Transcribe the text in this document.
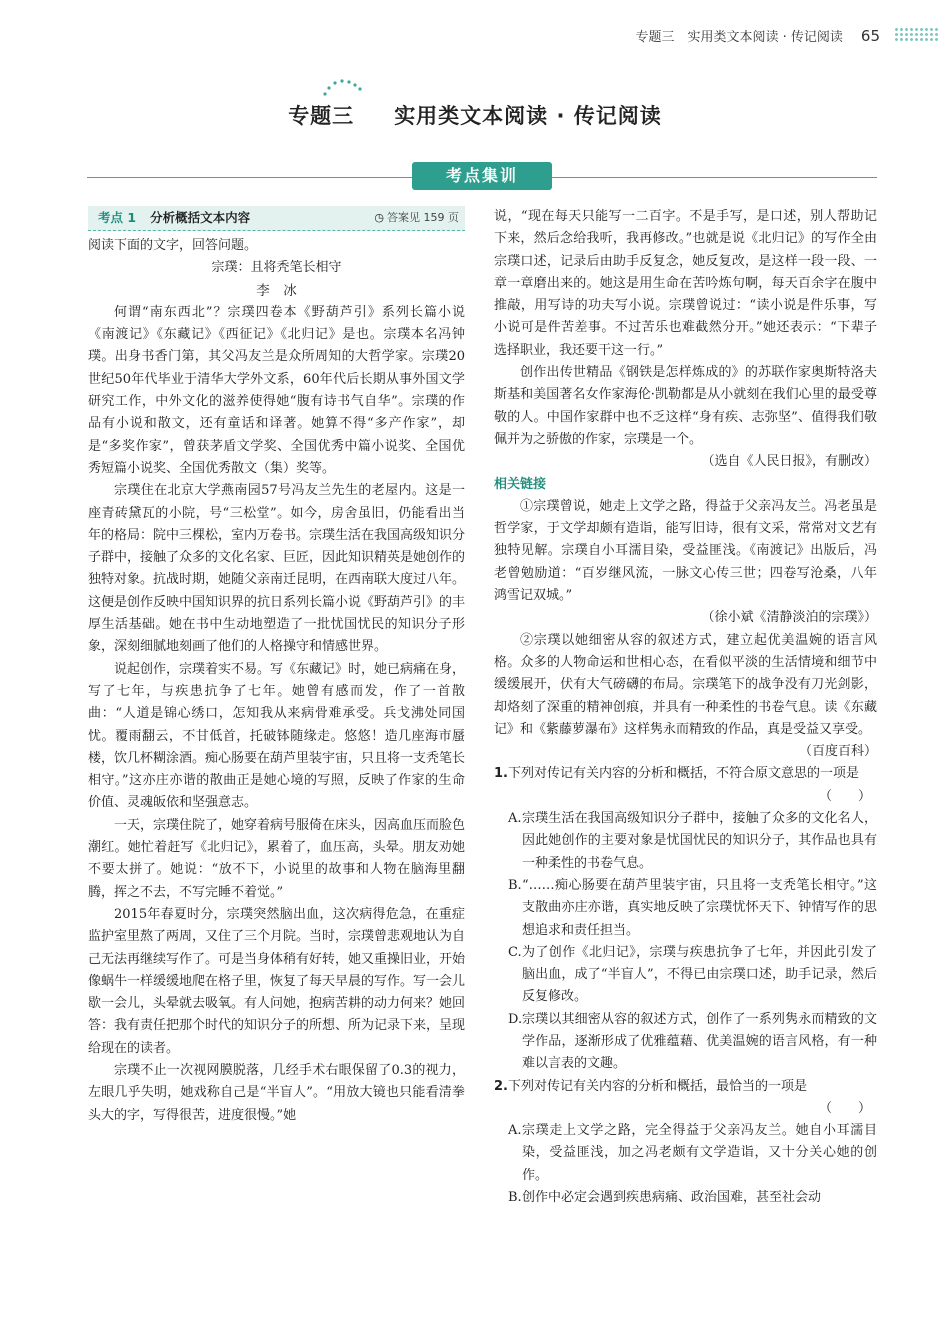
专题三　实用类文本阅读 · 传记阅读 65
专题三 实用类文本阅读 · 传记阅读
考点集训
考点 1 分析概括文本内容	◷ 答案见 159 页

阅读下面的文字，回答问题。

宗璞：且将秃笔长相守

李　冰

何谓“南东西北”？宗璞四卷本《野葫芦引》系列长篇小说《南渡记》《东藏记》《西征记》《北归记》是也。宗璞本名冯钟璞。出身书香门第，其父冯友兰是众所周知的大哲学家。宗璞20世纪50年代毕业于清华大学外文系，60年代后长期从事外国文学研究工作，中外文化的滋养使得她“腹有诗书气自华”。宗璞的作品有小说和散文，还有童话和译著。她算不得“多产作家”，却是“多奖作家”，曾获茅盾文学奖、全国优秀中篇小说奖、全国优秀短篇小说奖、全国优秀散文（集）奖等。

宗璞住在北京大学燕南园57号冯友兰先生的老屋内。这是一座青砖黛瓦的小院，号“三松堂”。如今，房舍虽旧，仍能看出当年的格局：院中三棵松，室内万卷书。宗璞生活在我国高级知识分子群中，接触了众多的文化名家、巨匠，因此知识精英是她创作的独特对象。抗战时期，她随父亲南迁昆明，在西南联大度过八年。这便是创作反映中国知识界的抗日系列长篇小说《野葫芦引》的丰厚生活基础。她在书中生动地塑造了一批忧国忧民的知识分子形象，深刻细腻地刻画了他们的人格操守和情感世界。

说起创作，宗璞着实不易。写《东藏记》时，她已病痛在身，写了七年，与疾患抗争了七年。她曾有感而发，作了一首散曲：“人道是锦心绣口，怎知我从来病骨难承受。兵戈沸处同国忧。覆雨翻云，不甘低首，托破钵随缘走。悠悠！造几座海市蜃楼，饮几杯糊涂酒。痴心肠要在葫芦里装宇宙，只且将一支秃笔长相守。”这亦庄亦谐的散曲正是她心境的写照，反映了作家的生命价值、灵魂皈依和坚强意志。

一天，宗璞住院了，她穿着病号服倚在床头，因高血压而脸色潮红。她忙着赶写《北归记》，累着了，血压高，头晕。朋友劝她不要太拼了。她说：“放不下，小说里的故事和人物在脑海里翻腾，挥之不去，不写完睡不着觉。”

2015年春夏时分，宗璞突然脑出血，这次病得危急，在重症监护室里熬了两周，又住了三个月院。当时，宗璞曾悲观地认为自己无法再继续写作了。可是当身体稍有好转，她又重操旧业，开始像蜗牛一样缓缓地爬在格子里，恢复了每天早晨的写作。写一会儿歇一会儿，头晕就去吸氧。有人问她，抱病苦耕的动力何来？她回答：我有责任把那个时代的知识分子的所想、所为记录下来，呈现给现在的读者。

宗璞不止一次视网膜脱落，几经手术右眼保留了0.3的视力，左眼几乎失明，她戏称自己是“半盲人”。“用放大镜也只能看清拳头大的字，写得很苦，进度很慢。”她

说，“现在每天只能写一二百字。不是手写，是口述，别人帮助记下来，然后念给我听，我再修改。”也就是说《北归记》的写作全由宗璞口述，记录后由助手反复念，她反复改，是这样一段一段、一章一章磨出来的。她这是用生命在苦吟炼句啊，每天百余字在腹中推敲，用写诗的功夫写小说。宗璞曾说过：“读小说是件乐事，写小说可是件苦差事。不过苦乐也难截然分开。”她还表示：“下辈子选择职业，我还要干这一行。”

创作出传世精品《钢铁是怎样炼成的》的苏联作家奥斯特洛夫斯基和美国著名女作家海伦·凯勒都是从小就刻在我们心里的最受尊敬的人。中国作家群中也不乏这样“身有疾、志弥坚”、值得我们敬佩并为之骄傲的作家，宗璞是一个。

（选自《人民日报》，有删改）

相关链接

①宗璞曾说，她走上文学之路，得益于父亲冯友兰。冯老虽是哲学家，于文学却颇有造诣，能写旧诗，很有文采，常常对文艺有独特见解。宗璞自小耳濡目染，受益匪浅。《南渡记》出版后，冯老曾勉励道：“百岁继风流，一脉文心传三世；四卷写沧桑，八年鸿雪记双城。”

（徐小斌《清静淡泊的宗璞》）

②宗璞以她细密从容的叙述方式，建立起优美温婉的语言风格。众多的人物命运和世相心态，在看似平淡的生活情境和细节中缓缓展开，伏有大气磅礴的布局。宗璞笔下的战争没有刀光剑影，却烙刻了深重的精神创痕，并具有一种柔性的书卷气息。读《东藏记》和《紫藤萝瀑布》这样隽永而精致的作品，真是受益又享受。

（百度百科）

1. 下列对传记有关内容的分析和概括，不符合原文意思的一项是

（　　）

A. 宗璞生活在我国高级知识分子群中，接触了众多的文化名人，因此她创作的主要对象是忧国忧民的知识分子，其作品也具有一种柔性的书卷气息。
B. “……痴心肠要在葫芦里装宇宙，只且将一支秃笔长相守。”这支散曲亦庄亦谐，真实地反映了宗璞忧怀天下、钟情写作的思想追求和责任担当。
C. 为了创作《北归记》，宗璞与疾患抗争了七年，并因此引发了脑出血，成了“半盲人”，不得已由宗璞口述，助手记录，然后反复修改。
D. 宗璞以其细密从容的叙述方式，创作了一系列隽永而精致的文学作品，逐渐形成了优雅蕴藉、优美温婉的语言风格，有一种难以言表的文趣。
2. 下列对传记有关内容的分析和概括，最恰当的一项是

（　　）

A. 宗璞走上文学之路，完全得益于父亲冯友兰。她自小耳濡目染，受益匪浅，加之冯老颇有文学造诣，又十分关心她的创作。
B. 创作中必定会遇到疾患病痛、政治国难，甚至社会动
